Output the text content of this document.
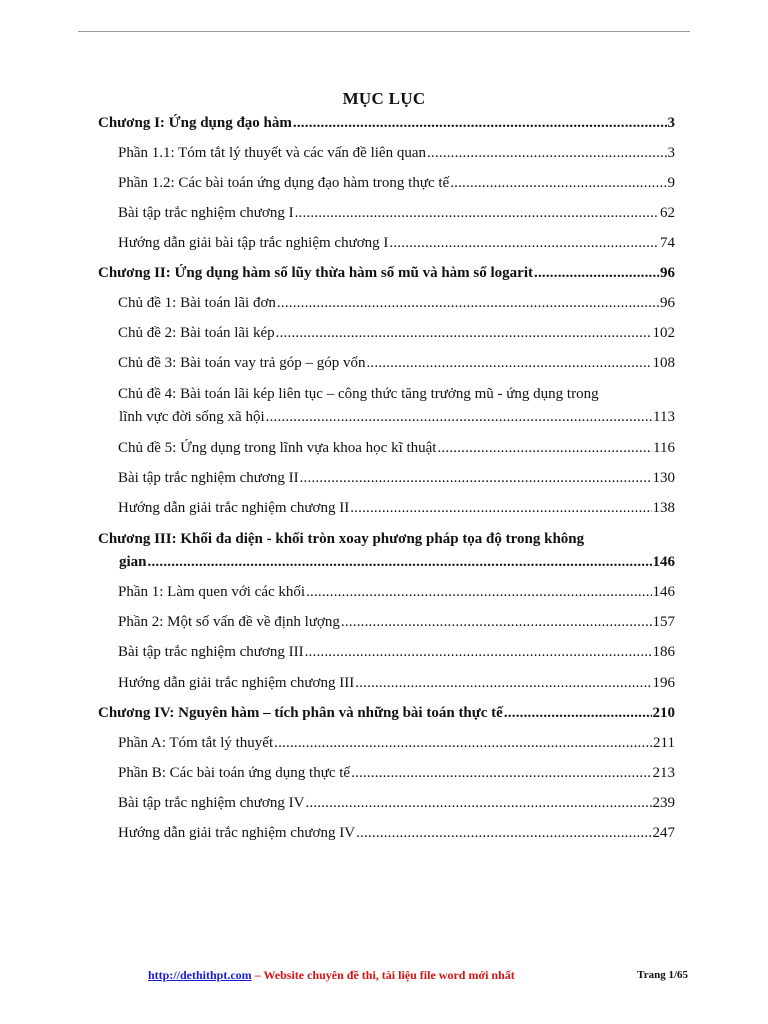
MỤC LỤC
Chương I: Ứng dụng đạo hàm .....	3
Phần 1.1: Tóm tắt lý thuyết và các vấn đề liên quan .....	3
Phần 1.2: Các bài toán ứng dụng đạo hàm trong thực tế .....	9
Bài tập trắc nghiệm chương I .....	62
Hướng dẫn giải bài tập trắc nghiệm chương I .....	74
Chương II: Ứng dụng hàm số lũy thừa hàm số mũ và hàm số logarit .....	96
Chủ đề 1: Bài toán lãi đơn .....	96
Chủ đề 2: Bài toán lãi kép .....	102
Chủ đề 3: Bài toán vay trả góp – góp vốn .....	108
Chủ đề 4: Bài toán lãi kép liên tục – công thức tăng trưởng mũ - ứng dụng trong
lĩnh vực đời sống xã hội .....	113
Chủ đề 5: Ứng dụng trong lĩnh vựa khoa học kĩ thuật .....	116
Bài tập trắc nghiệm chương II .....	130
Hướng dẫn giải trắc nghiệm chương II .....	138
Chương III: Khối đa diện - khối tròn xoay phương pháp tọa độ trong không
gian .....	146
Phần 1: Làm quen với các khối .....	146
Phần 2: Một số vấn đề về định lượng .....	157
Bài tập trắc nghiệm chương III .....	186
Hướng dẫn giải trắc nghiệm chương III .....	196
Chương IV: Nguyên hàm – tích phân và những bài toán thực tế .....	210
Phần A: Tóm tắt lý thuyết .....	211
Phần B: Các bài toán ứng dụng thực tế .....	213
Bài tập trắc nghiệm chương IV .....	239
Hướng dẫn giải trắc nghiệm chương IV .....	247
http://dethithpt.com – Website chuyên đề thi, tài liệu file word mới nhất	Trang 1/65
